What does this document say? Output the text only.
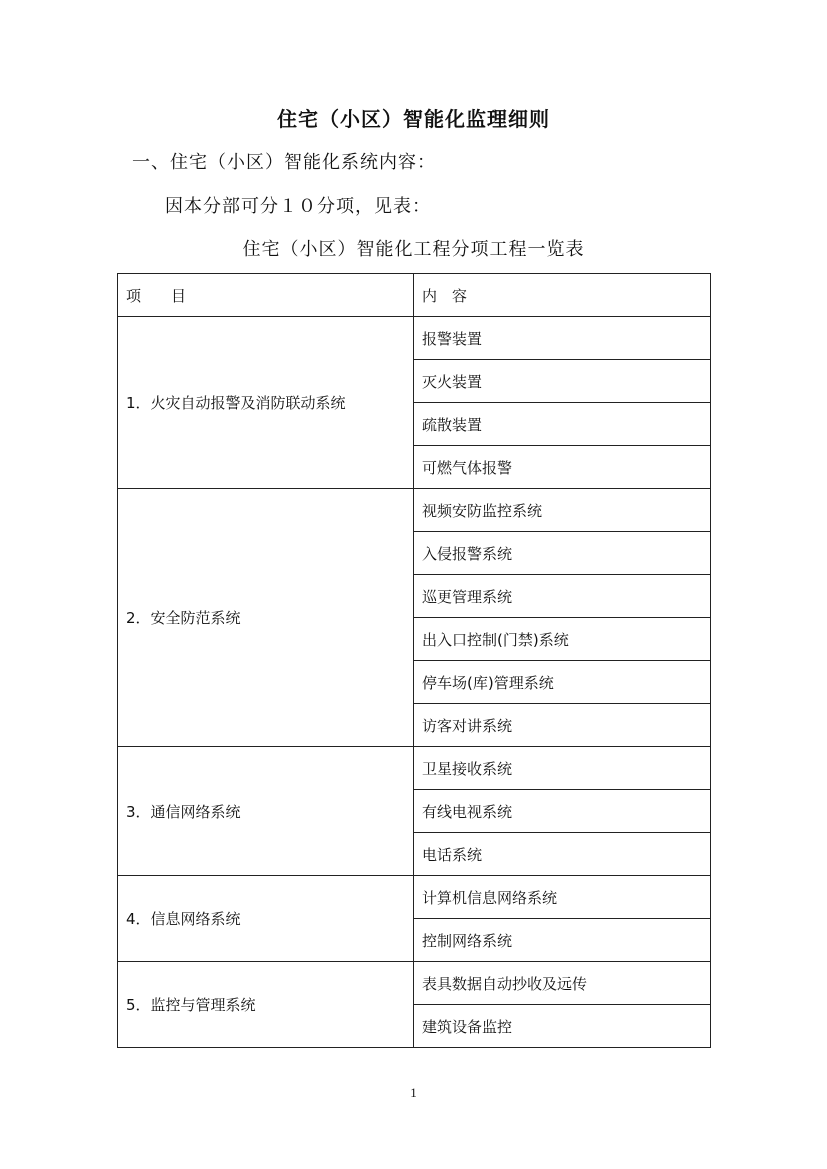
住宅（小区）智能化监理细则
一、住宅（小区）智能化系统内容：
因本分部可分１０分项，见表：
住宅（小区）智能化工程分项工程一览表
项　　目	内　容
1．火灾自动报警及消防联动系统	报警装置
	灭火装置
	疏散装置
	可燃气体报警
2．安全防范系统	视频安防监控系统
	入侵报警系统
	巡更管理系统
	出入口控制(门禁)系统
	停车场(库)管理系统
	访客对讲系统
3．通信网络系统	卫星接收系统
	有线电视系统
	电话系统
4．信息网络系统	计算机信息网络系统
	控制网络系统
5．监控与管理系统	表具数据自动抄收及远传
	建筑设备监控
1
